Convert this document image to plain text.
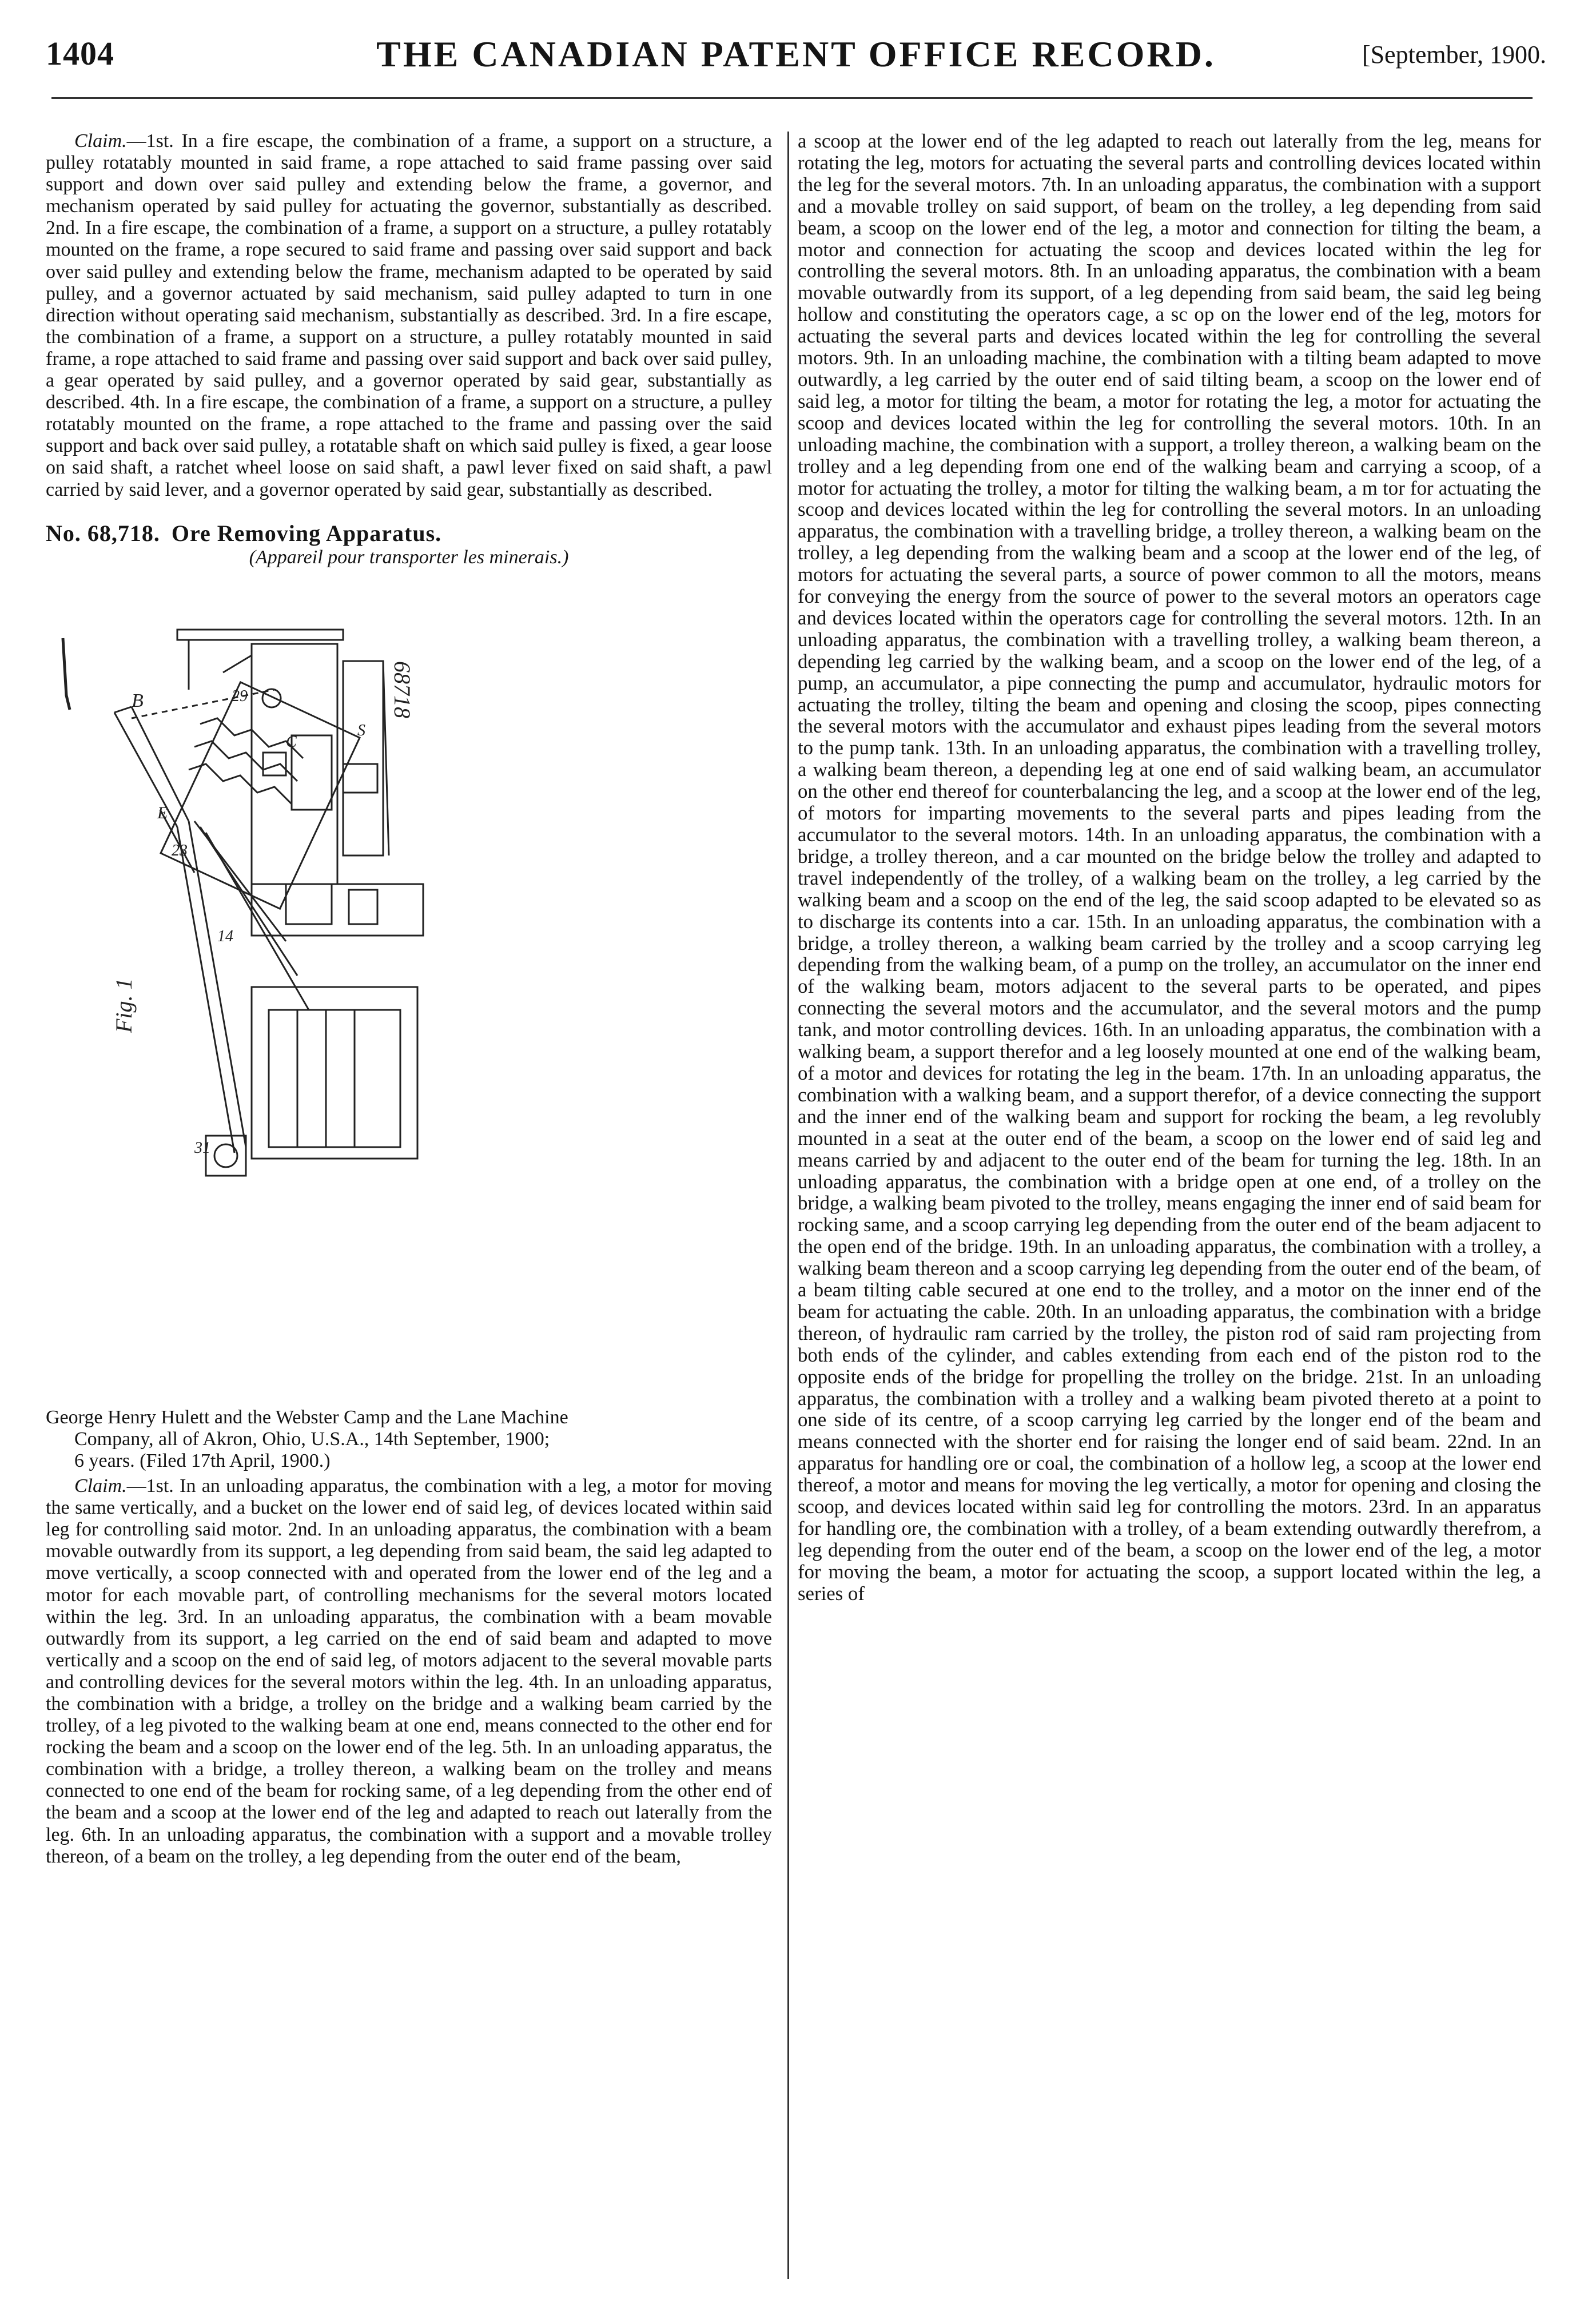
1404	THE CANADIAN PATENT OFFICE RECORD.	[September, 1900.

Claim.—1st. In a fire escape, the combination of a frame, a support on a structure, a pulley rotatably mounted in said frame, a rope attached to said frame passing over said support and down over said pulley and extending below the frame, a governor, and mechanism operated by said pulley for actuating the governor, substantially as described. 2nd. In a fire escape, the combination of a frame, a support on a structure, a pulley rotatably mounted on the frame, a rope secured to said frame and passing over said support and back over said pulley and extending below the frame, mechanism adapted to be operated by said pulley, and a governor actuated by said mechanism, said pulley adapted to turn in one direction without operating said mechanism, substantially as described. 3rd. In a fire escape, the combination of a frame, a support on a structure, a pulley rotatably mounted in said frame, a rope attached to said frame and passing over said support and back over said pulley, a gear operated by said pulley, and a governor operated by said gear, substantially as described. 4th. In a fire escape, the combination of a frame, a support on a structure, a pulley rotatably mounted on the frame, a rope attached to the frame and passing over the said support and back over said pulley, a rotatable shaft on which said pulley is fixed, a gear loose on said shaft, a ratchet wheel loose on said shaft, a pawl lever fixed on said shaft, a pawl carried by said lever, and a governor operated by said gear, substantially as described.

No. 68,718. Ore Removing Apparatus.

(Appareil pour transporter les minerais.)

B
E
23
29
S
C
31
14
68718
Fig. 1

George Henry Hulett and the Webster Camp and the Lane Machine
Company, all of Akron, Ohio, U.S.A., 14th September, 1900;
6 years. (Filed 17th April, 1900.)

Claim.—1st. In an unloading apparatus, the combination with a leg, a motor for moving the same vertically, and a bucket on the lower end of said leg, of devices located within said leg for controlling said motor. 2nd. In an unloading apparatus, the combination with a beam movable outwardly from its support, a leg depending from said beam, the said leg adapted to move vertically, a scoop connected with and operated from the lower end of the leg and a motor for each movable part, of controlling mechanisms for the several motors located within the leg. 3rd. In an unloading apparatus, the combination with a beam movable outwardly from its support, a leg carried on the end of said beam and adapted to move vertically and a scoop on the end of said leg, of motors adjacent to the several movable parts and controlling devices for the several motors within the leg. 4th. In an unloading apparatus, the combination with a bridge, a trolley on the bridge and a walking beam carried by the trolley, of a leg pivoted to the walking beam at one end, means connected to the other end for rocking the beam and a scoop on the lower end of the leg. 5th. In an unloading apparatus, the combination with a bridge, a trolley thereon, a walking beam on the trolley and means connected to one end of the beam for rocking same, of a leg depending from the other end of the beam and a scoop at the lower end of the leg and adapted to reach out laterally from the leg. 6th. In an unloading apparatus, the combination with a support and a movable trolley thereon, of a beam on the trolley, a leg depending from the outer end of the beam,

a scoop at the lower end of the leg adapted to reach out laterally from the leg, means for rotating the leg, motors for actuating the several parts and controlling devices located within the leg for the several motors. 7th. In an unloading apparatus, the combination with a support and a movable trolley on said support, of beam on the trolley, a leg depending from said beam, a scoop on the lower end of the leg, a motor and connection for tilting the beam, a motor and connection for actuating the scoop and devices located within the leg for controlling the several motors. 8th. In an unloading apparatus, the combination with a beam movable outwardly from its support, of a leg depending from said beam, the said leg being hollow and constituting the operators cage, a sc op on the lower end of the leg, motors for actuating the several parts and devices located within the leg for controlling the several motors. 9th. In an unloading machine, the combination with a tilting beam adapted to move outwardly, a leg carried by the outer end of said tilting beam, a scoop on the lower end of said leg, a motor for tilting the beam, a motor for rotating the leg, a motor for actuating the scoop and devices located within the leg for controlling the several motors. 10th. In an unloading machine, the combination with a support, a trolley thereon, a walking beam on the trolley and a leg depending from one end of the walking beam and carrying a scoop, of a motor for actuating the trolley, a motor for tilting the walking beam, a m tor for actuating the scoop and devices located within the leg for controlling the several motors. In an unloading apparatus, the combination with a travelling bridge, a trolley thereon, a walking beam on the trolley, a leg depending from the walking beam and a scoop at the lower end of the leg, of motors for actuating the several parts, a source of power common to all the motors, means for conveying the energy from the source of power to the several motors an operators cage and devices located within the operators cage for controlling the several motors. 12th. In an unloading apparatus, the combination with a travelling trolley, a walking beam thereon, a depending leg carried by the walking beam, and a scoop on the lower end of the leg, of a pump, an accumulator, a pipe connecting the pump and accumulator, hydraulic motors for actuating the trolley, tilting the beam and opening and closing the scoop, pipes connecting the several motors with the accumulator and exhaust pipes leading from the several motors to the pump tank. 13th. In an unloading apparatus, the combination with a travelling trolley, a walking beam thereon, a depending leg at one end of said walking beam, an accumulator on the other end thereof for counterbalancing the leg, and a scoop at the lower end of the leg, of motors for imparting movements to the several parts and pipes leading from the accumulator to the several motors. 14th. In an unloading apparatus, the combination with a bridge, a trolley thereon, and a car mounted on the bridge below the trolley and adapted to travel independently of the trolley, of a walking beam on the trolley, a leg carried by the walking beam and a scoop on the end of the leg, the said scoop adapted to be elevated so as to discharge its contents into a car. 15th. In an unloading apparatus, the combination with a bridge, a trolley thereon, a walking beam carried by the trolley and a scoop carrying leg depending from the walking beam, of a pump on the trolley, an accumulator on the inner end of the walking beam, motors adjacent to the several parts to be operated, and pipes connecting the several motors and the accumulator, and the several motors and the pump tank, and motor controlling devices. 16th. In an unloading apparatus, the combination with a walking beam, a support therefor and a leg loosely mounted at one end of the walking beam, of a motor and devices for rotating the leg in the beam. 17th. In an unloading apparatus, the combination with a walking beam, and a support therefor, of a device connecting the support and the inner end of the walking beam and support for rocking the beam, a leg revolubly mounted in a seat at the outer end of the beam, a scoop on the lower end of said leg and means carried by and adjacent to the outer end of the beam for turning the leg. 18th. In an unloading apparatus, the combination with a bridge open at one end, of a trolley on the bridge, a walking beam pivoted to the trolley, means engaging the inner end of said beam for rocking same, and a scoop carrying leg depending from the outer end of the beam adjacent to the open end of the bridge. 19th. In an unloading apparatus, the combination with a trolley, a walking beam thereon and a scoop carrying leg depending from the outer end of the beam, of a beam tilting cable secured at one end to the trolley, and a motor on the inner end of the beam for actuating the cable. 20th. In an unloading apparatus, the combination with a bridge thereon, of hydraulic ram carried by the trolley, the piston rod of said ram projecting from both ends of the cylinder, and cables extending from each end of the piston rod to the opposite ends of the bridge for propelling the trolley on the bridge. 21st. In an unloading apparatus, the combination with a trolley and a walking beam pivoted thereto at a point to one side of its centre, of a scoop carrying leg carried by the longer end of the beam and means connected with the shorter end for raising the longer end of said beam. 22nd. In an apparatus for handling ore or coal, the combination of a hollow leg, a scoop at the lower end thereof, a motor and means for moving the leg vertically, a motor for opening and closing the scoop, and devices located within said leg for controlling the motors. 23rd. In an apparatus for handling ore, the combination with a trolley, of a beam extending outwardly therefrom, a leg depending from the outer end of the beam, a scoop on the lower end of the leg, a motor for moving the beam, a motor for actuating the scoop, a support located within the leg, a series of
